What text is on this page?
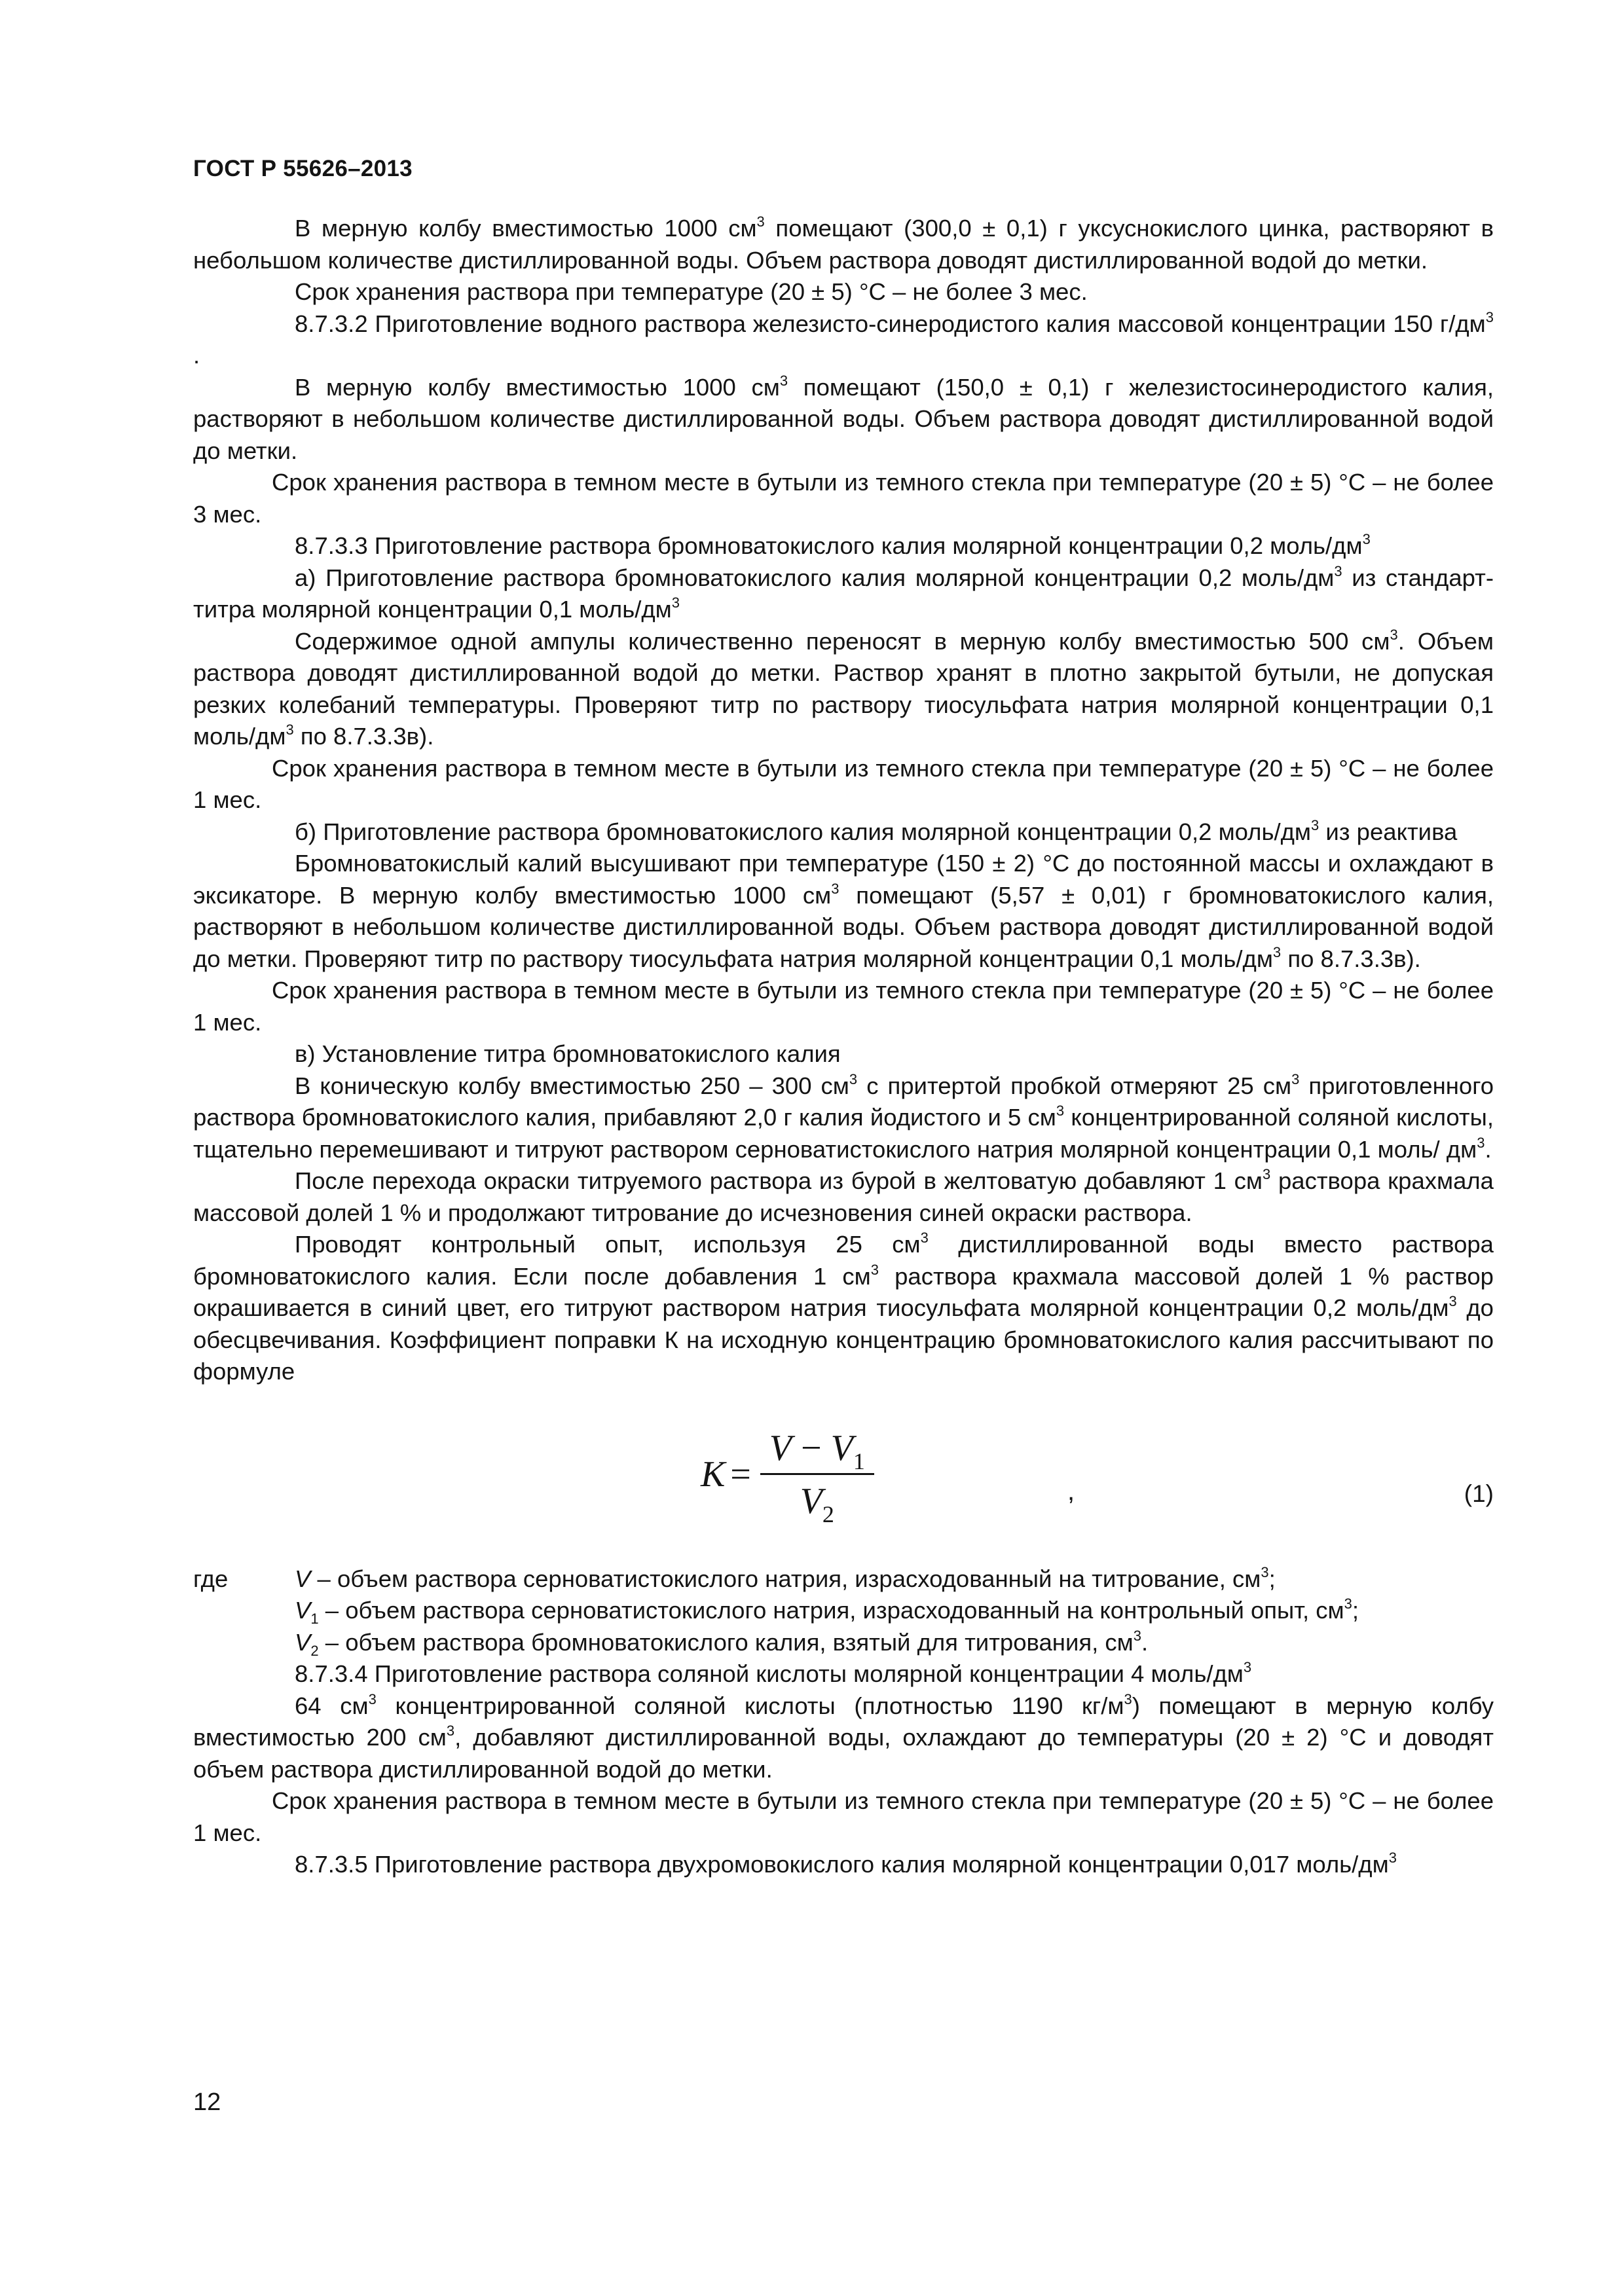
ГОСТ Р 55626–2013

В мерную колбу вместимостью 1000 $см^3$ помещают (300,0 ± 0,1) г уксуснокислого цинка, растворяют в небольшом количестве дистиллированной воды. Объем раствора доводят дистиллированной водой до метки.

Срок хранения раствора при температуре (20 ± 5) °С – не более 3 мес.

8.7.3.2 Приготовление водного раствора железисто-синеродистого калия массовой концентрации 150 $г/дм^3$ .

В мерную колбу вместимостью 1000 $см^3$ помещают (150,0 ± 0,1) г железистосинеродистого калия, растворяют в небольшом количестве дистиллированной воды. Объем раствора доводят дистиллированной водой до метки.

Срок хранения раствора в темном месте в бутыли из темного стекла при температуре (20 ± 5) °С – не более 3 мес.

8.7.3.3 Приготовление раствора бромноватокислого калия молярной концентрации 0,2 моль/$дм^3$

а) Приготовление раствора бромноватокислого калия молярной концентрации 0,2 моль/$дм^3$ из стандарт-титра молярной концентрации 0,1 моль/$дм^3$

Содержимое одной ампулы количественно переносят в мерную колбу вместимостью 500 $см^3$. Объем раствора доводят дистиллированной водой до метки. Раствор хранят в плотно закрытой бутыли, не допуская резких колебаний температуры. Проверяют титр по раствору тиосульфата натрия молярной концентрации 0,1 моль/$дм^3$ по 8.7.3.3в).

Срок хранения раствора в темном месте в бутыли из темного стекла при температуре (20 ± 5) °С – не более 1 мес.

б) Приготовление раствора бромноватокислого калия молярной концентрации 0,2 моль/$дм^3$ из реактива

Бромноватокислый калий высушивают при температуре (150 ± 2) °С до постоянной массы и охлаждают в эксикаторе. В мерную колбу вместимостью 1000 $см^3$ помещают (5,57 ± 0,01) г бромноватокислого калия, растворяют в небольшом количестве дистиллированной воды. Объем раствора доводят дистиллированной водой до метки. Проверяют титр по раствору тиосульфата натрия молярной концентрации 0,1 моль/$дм^3$ по 8.7.3.3в).

Срок хранения раствора в темном месте в бутыли из темного стекла при температуре (20 ± 5) °С – не более 1 мес.

в) Установление титра бромноватокислого калия

В коническую колбу вместимостью 250 – 300 $см^3$ с притертой пробкой отмеряют 25 $см^3$ приготовленного раствора бромноватокислого калия, прибавляют 2,0 г калия йодистого и 5 $см^3$ концентрированной соляной кислоты, тщательно перемешивают и титруют раствором серноватистокислого натрия молярной концентрации 0,1 моль/ $дм^3$.

После перехода окраски титруемого раствора из бурой в желтоватую добавляют 1 $см^3$ раствора крахмала массовой долей 1 % и продолжают титрование до исчезновения синей окраски раствора.

Проводят контрольный опыт, используя 25 $см^3$ дистиллированной воды вместо раствора бромноватокислого калия. Если после добавления 1 $см^3$ раствора крахмала массовой долей 1 % раствор окрашивается в синий цвет, его титруют раствором натрия тиосульфата молярной концентрации 0,2 моль/$дм^3$ до обесцвечивания. Коэффициент поправки К на исходную концентрацию бромноватокислого калия рассчитывают по формуле

$К = \frac{V - V_1}{V_2}$	,	(1)
где	V – объем раствора серноватистокислого натрия, израсходованный на титрование, $см^3$;

$V_1$ – объем раствора серноватистокислого натрия, израсходованный на контрольный опыт, $см^3$;

$V_2$ – объем раствора бромноватокислого калия, взятый для титрования, $см^3$.

8.7.3.4 Приготовление раствора соляной кислоты молярной концентрации 4 моль/$дм^3$

64 $см^3$ концентрированной соляной кислоты (плотностью 1190 $кг/м^3$) помещают в мерную колбу вместимостью 200 $см^3$, добавляют дистиллированной воды, охлаждают до температуры (20 ± 2) °С и доводят объем раствора дистиллированной водой до метки.

Срок хранения раствора в темном месте в бутыли из темного стекла при температуре (20 ± 5) °С – не более 1 мес.

8.7.3.5 Приготовление раствора двухромовокислого калия молярной концентрации 0,017 моль/$дм^3$

12
